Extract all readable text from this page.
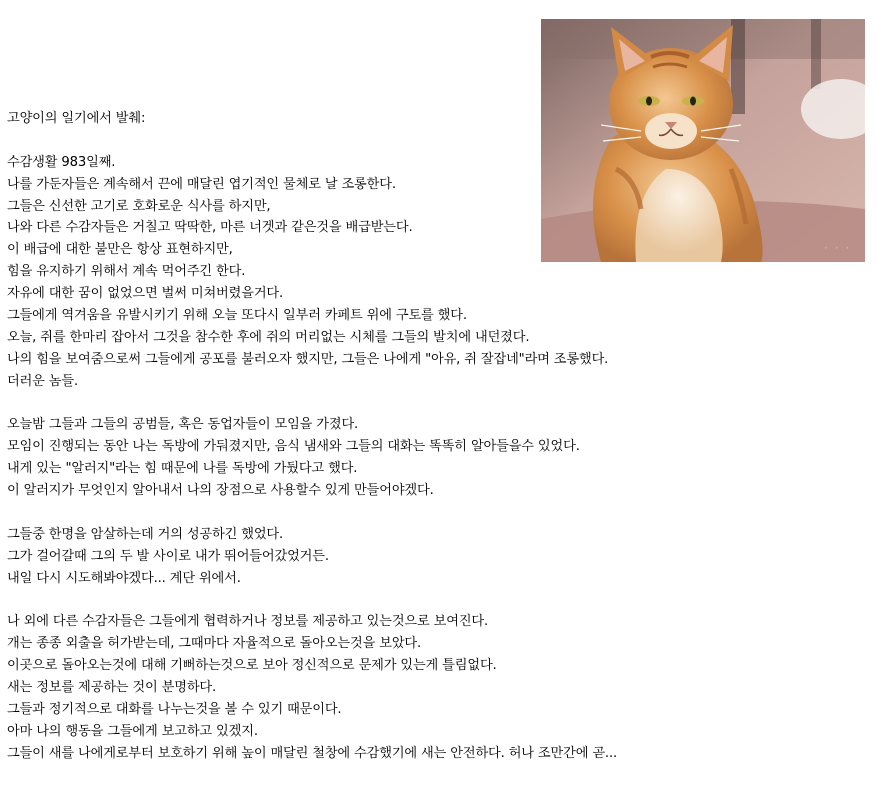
· · ·
고양이의 일기에서 발췌:
수감생활 983일째.
나를 가둔자들은 계속해서 끈에 매달린 엽기적인 물체로 날 조롱한다.
그들은 신선한 고기로 호화로운 식사를 하지만,
나와 다른 수감자들은 거칠고 딱딱한, 마른 너겟과 같은것을 배급받는다.
이 배급에 대한 불만은 항상 표현하지만,
힘을 유지하기 위해서 계속 먹어주긴 한다.
자유에 대한 꿈이 없었으면 벌써 미쳐버렸을거다.
그들에게 역겨움을 유발시키기 위해 오늘 또다시 일부러 카페트 위에 구토를 했다.
오늘, 쥐를 한마리 잡아서 그것을 참수한 후에 쥐의 머리없는 시체를 그들의 발치에 내던졌다.
나의 힘을 보여줌으로써 그들에게 공포를 불러오자 했지만, 그들은 나에게 "아유, 쥐 잘잡네"라며 조롱했다.
더러운 놈들.
오늘밤 그들과 그들의 공범들, 혹은 동업자들이 모임을 가졌다.
모임이 진행되는 동안 나는 독방에 가둬졌지만, 음식 냄새와 그들의 대화는 똑똑히 알아들을수 있었다.
내게 있는 "알러지"라는 힘 때문에 나를 독방에 가뒀다고 했다.
이 알러지가 무엇인지 알아내서 나의 장점으로 사용할수 있게 만들어야겠다.
그들중 한명을 암살하는데 거의 성공하긴 했었다.
그가 걸어갈때 그의 두 발 사이로 내가 뛰어들어갔었거든.
내일 다시 시도해봐야겠다... 계단 위에서.
나 외에 다른 수감자들은 그들에게 협력하거나 정보를 제공하고 있는것으로 보여진다.
개는 종종 외출을 허가받는데, 그때마다 자율적으로 돌아오는것을 보았다.
이곳으로 돌아오는것에 대해 기뻐하는것으로 보아 정신적으로 문제가 있는게 틀림없다.
새는 정보를 제공하는 것이 분명하다.
그들과 정기적으로 대화를 나누는것을 볼 수 있기 때문이다.
아마 나의 행동을 그들에게 보고하고 있겠지.
그들이 새를 나에게로부터 보호하기 위해 높이 매달린 철창에 수감했기에 새는 안전하다. 허나 조만간에 곧...
